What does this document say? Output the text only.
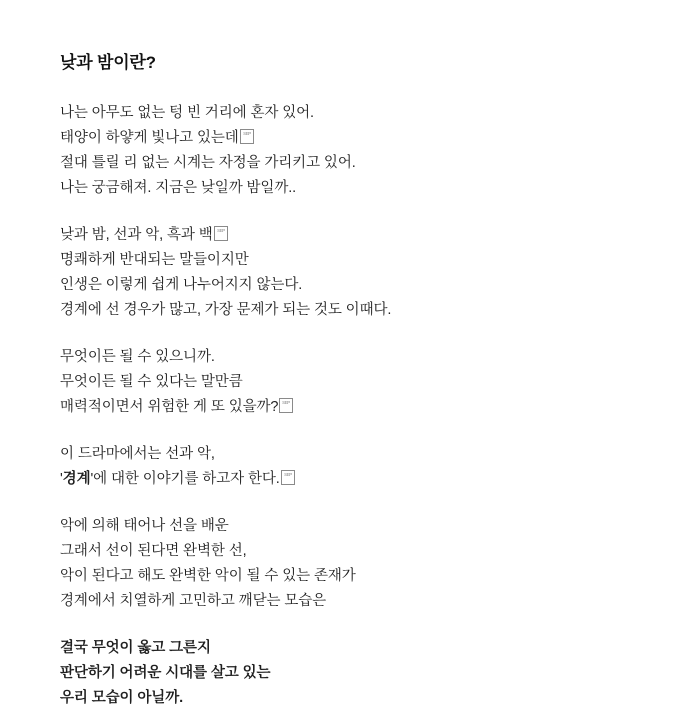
낮과 밤이란?
나는 아무도 없는 텅 빈 거리에 혼자 있어.
태양이 하얗게 빛나고 있는데 SEP
절대 틀릴 리 없는 시계는 자정을 가리키고 있어.
나는 궁금해져. 지금은 낮일까 밤일까..
낮과 밤, 선과 악, 흑과 백 SEP
명쾌하게 반대되는 말들이지만
인생은 이렇게 쉽게 나누어지지 않는다.
경계에 선 경우가 많고, 가장 문제가 되는 것도 이때다.
무엇이든 될 수 있으니까.
무엇이든 될 수 있다는 말만큼
매력적이면서 위험한 게 또 있을까? SEP
이 드라마에서는 선과 악,
'경계'에 대한 이야기를 하고자 한다. SEP
악에 의해 태어나 선을 배운
그래서 선이 된다면 완벽한 선,
악이 된다고 해도 완벽한 악이 될 수 있는 존재가
경계에서 치열하게 고민하고 깨닫는 모습은
결국 무엇이 옳고 그른지
판단하기 어려운 시대를 살고 있는
우리 모습이 아닐까.
